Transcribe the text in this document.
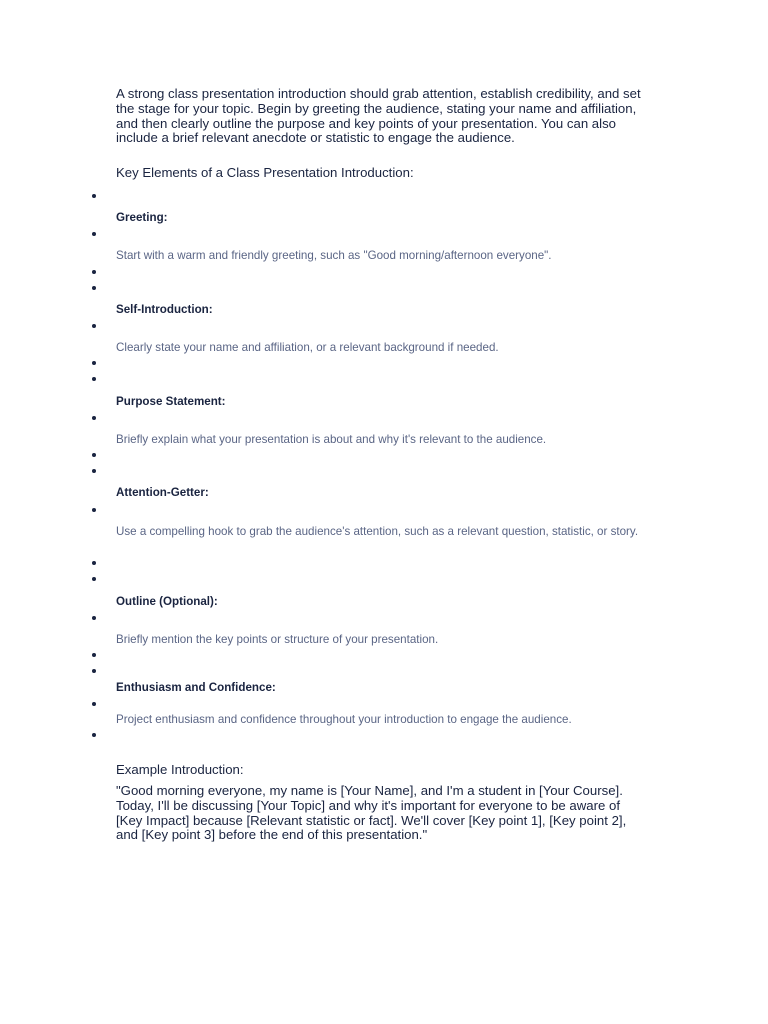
A strong class presentation introduction should grab attention, establish credibility, and set the stage for your topic. Begin by greeting the audience, stating your name and affiliation, and then clearly outline the purpose and key points of your presentation. You can also include a brief relevant anecdote or statistic to engage the audience.

Key Elements of a Class Presentation Introduction:
Greeting:
Start with a warm and friendly greeting, such as "Good morning/afternoon everyone".
Self-Introduction:
Clearly state your name and affiliation, or a relevant background if needed.
Purpose Statement:
Briefly explain what your presentation is about and why it's relevant to the audience.
Attention-Getter:
Use a compelling hook to grab the audience's attention, such as a relevant question, statistic, or story.
Outline (Optional):
Briefly mention the key points or structure of your presentation.
Enthusiasm and Confidence:
Project enthusiasm and confidence throughout your introduction to engage the audience.
Example Introduction:

"Good morning everyone, my name is [Your Name], and I'm a student in [Your Course]. Today, I'll be discussing [Your Topic] and why it's important for everyone to be aware of [Key Impact] because [Relevant statistic or fact]. We'll cover [Key point 1], [Key point 2], and [Key point 3] before the end of this presentation."
